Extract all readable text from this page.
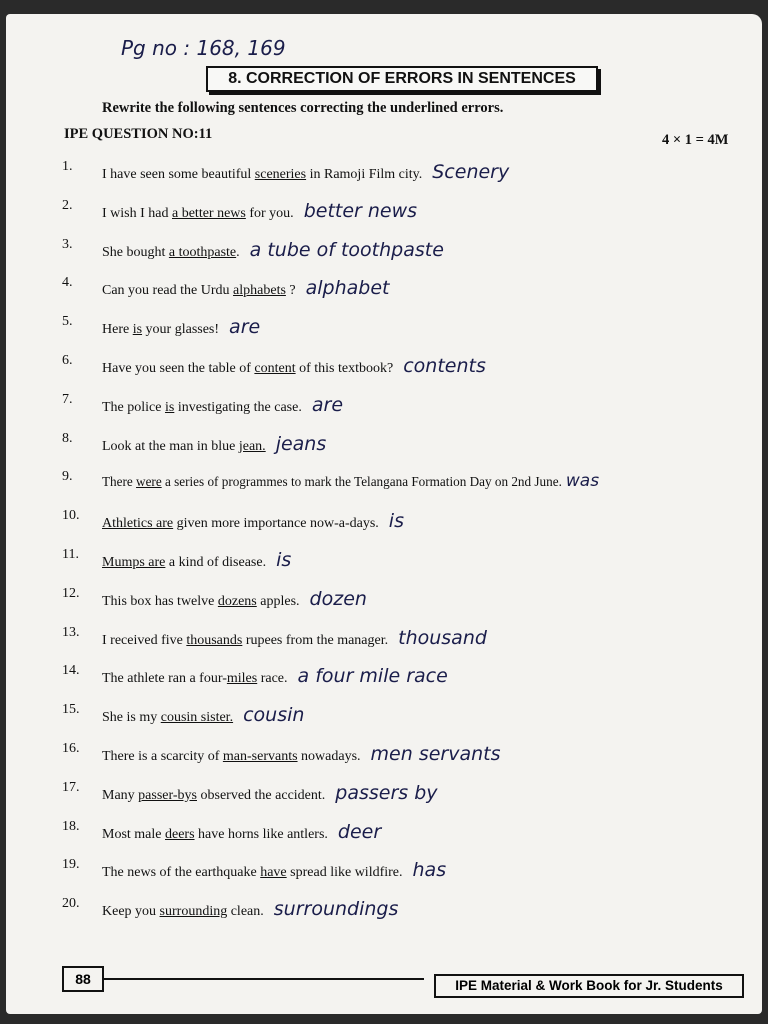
Pg no : 168, 169
8. CORRECTION OF ERRORS IN SENTENCES
Rewrite the following sentences correcting the underlined errors.
IPE QUESTION NO:11	4 × 1 = 4M
1.
I have seen some beautiful sceneries in Ramoji Film city. Scenery
2.
I wish I had a better news for you. better news
3.
She bought a toothpaste. a tube of toothpaste
4.
Can you read the Urdu alphabets ? alphabet
5.
Here is your glasses! are
6.
Have you seen the table of content of this textbook? contents
7.
The police is investigating the case. are
8.
Look at the man in blue jean. jeans
9.	There were a series of programmes to mark the Telangana Formation Day on 2nd June. was
10.
Athletics are given more importance now-a-days. is
11.
Mumps are a kind of disease. is
12.
This box has twelve dozens apples. dozen
13.
I received five thousands rupees from the manager. thousand
14.
The athlete ran a four-miles race. a four mile race
15.
She is my cousin sister. cousin
16.
There is a scarcity of man-servants nowadays. men servants
17.
Many passer-bys observed the accident. passers by
18.
Most male deers have horns like antlers. deer
19.
The news of the earthquake have spread like wildfire. has
20.
Keep you surrounding clean. surroundings
88	IPE Material & Work Book for Jr. Students
